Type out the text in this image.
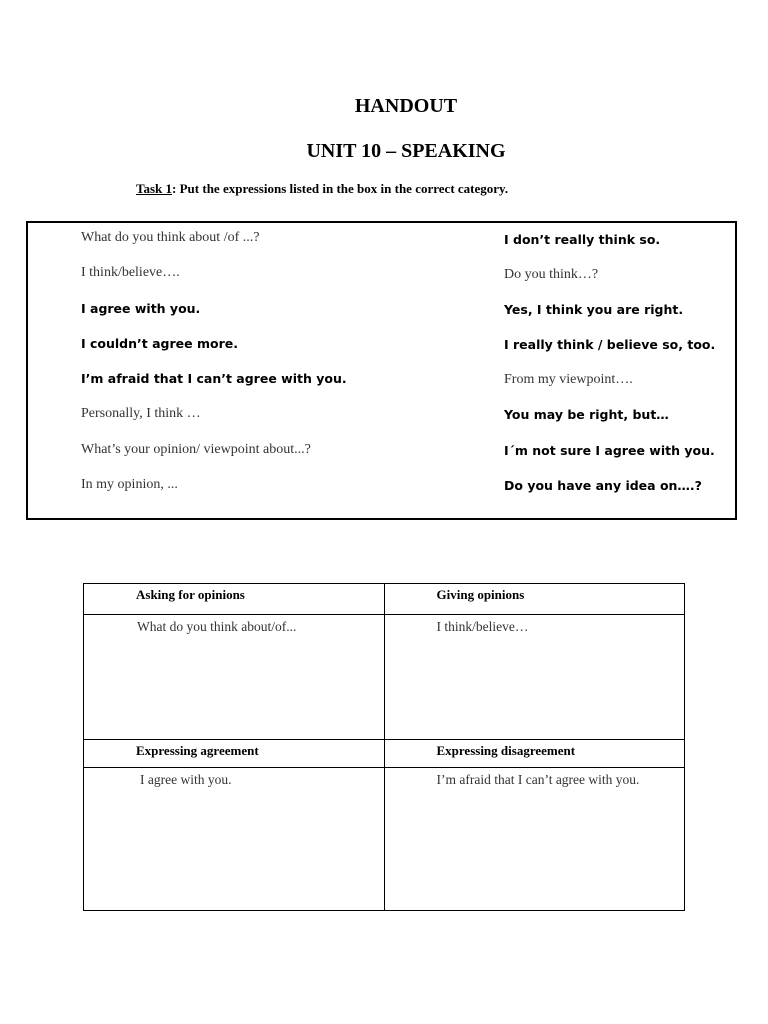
HANDOUT
UNIT 10 – SPEAKING
Task 1: Put the expressions listed in the box in the correct category.
What do you think about /of ...?
I think/believe….
I agree with you.
I couldn’t agree more.
I’m afraid that I can’t agree with you.
Personally, I think …
What’s your opinion/ viewpoint about...?
In my opinion, ...
I don’t really think so.
Do you think…?
Yes, I think you are right.
I really think / believe so, too.
From my viewpoint….
You may be right, but…
I´m not sure I agree with you.
Do you have any idea on….?
Asking for opinions	Giving opinions
What do you think about/of...	I think/believe…
Expressing agreement	Expressing disagreement
I agree with you.	I’m afraid that I can’t agree with you.
